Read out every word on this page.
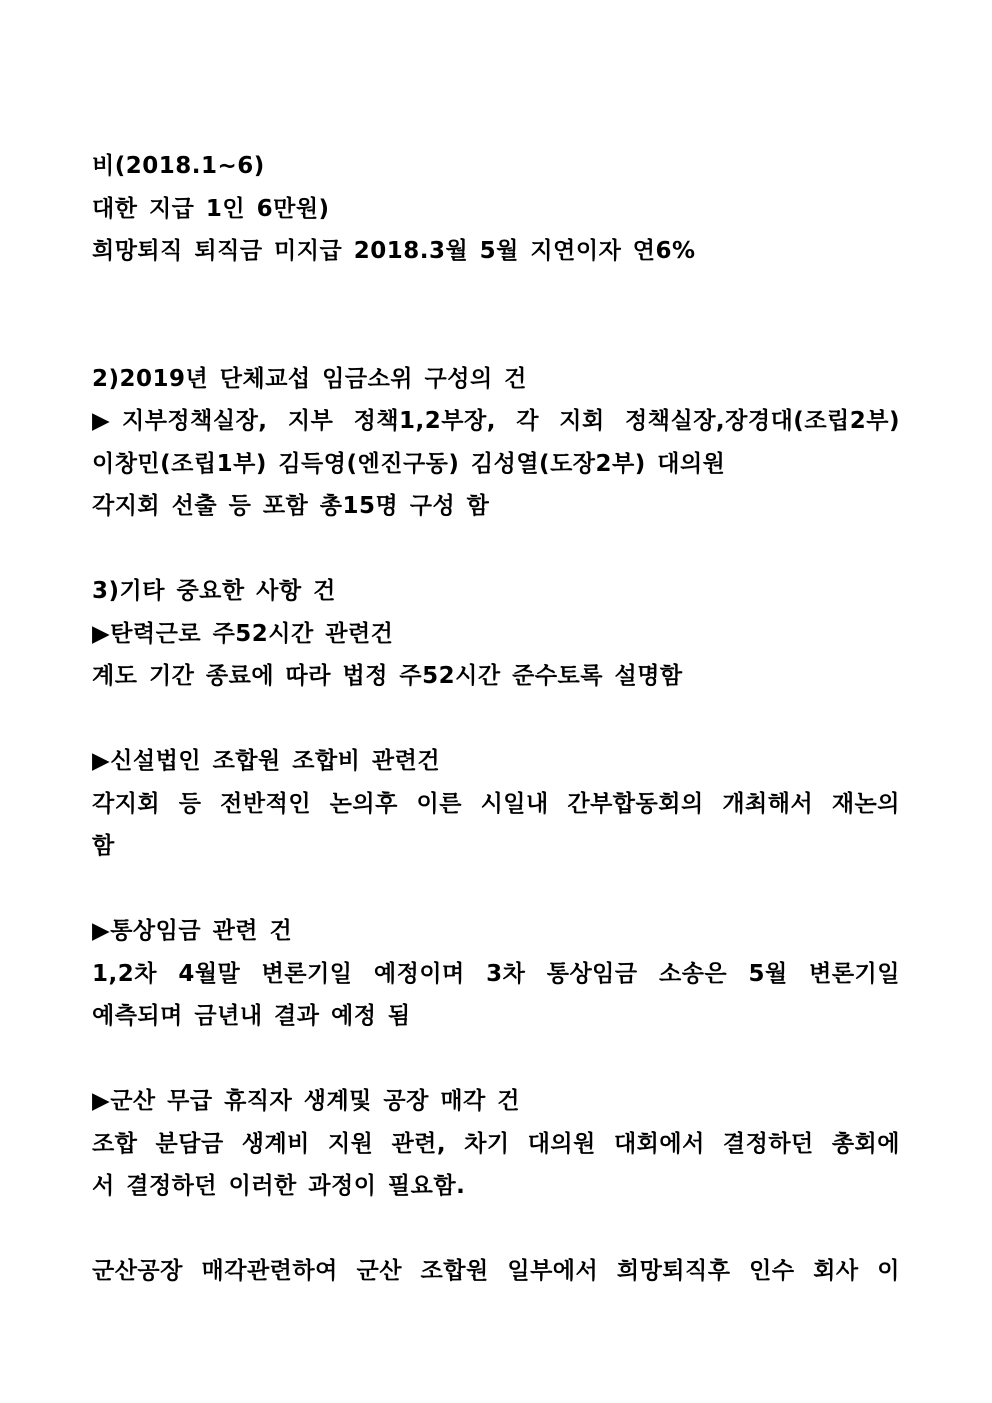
비(2018.1~6)
대한 지급 1인 6만원)
희망퇴직 퇴직금 미지급 2018.3월 5월 지연이자 연6%
2)2019년 단체교섭 임금소위 구성의 건
▶지부정책실장, 지부 정책1,2부장, 각 지회 정책실장,장경대(조립2부)
이창민(조립1부) 김득영(엔진구동) 김성열(도장2부) 대의원
각지회 선출 등 포함 총15명 구성 함
3)기타 중요한 사항 건
▶탄력근로 주52시간 관련건
계도 기간 종료에 따라 법정 주52시간 준수토록 설명함
▶신설법인 조합원 조합비 관련건
각지회 등 전반적인 논의후 이른 시일내 간부합동회의 개최해서 재논의
함
▶통상임금 관련 건
1,2차 4월말 변론기일 예정이며 3차 통상임금 소송은 5월 변론기일
예측되며 금년내 결과 예정 됨
▶군산 무급 휴직자 생계및 공장 매각 건
조합 분담금 생계비 지원 관련, 차기 대의원 대회에서 결정하던 총회에
서 결정하던 이러한 과정이 필요함.
군산공장 매각관련하여 군산 조합원 일부에서 희망퇴직후 인수 회사 이
